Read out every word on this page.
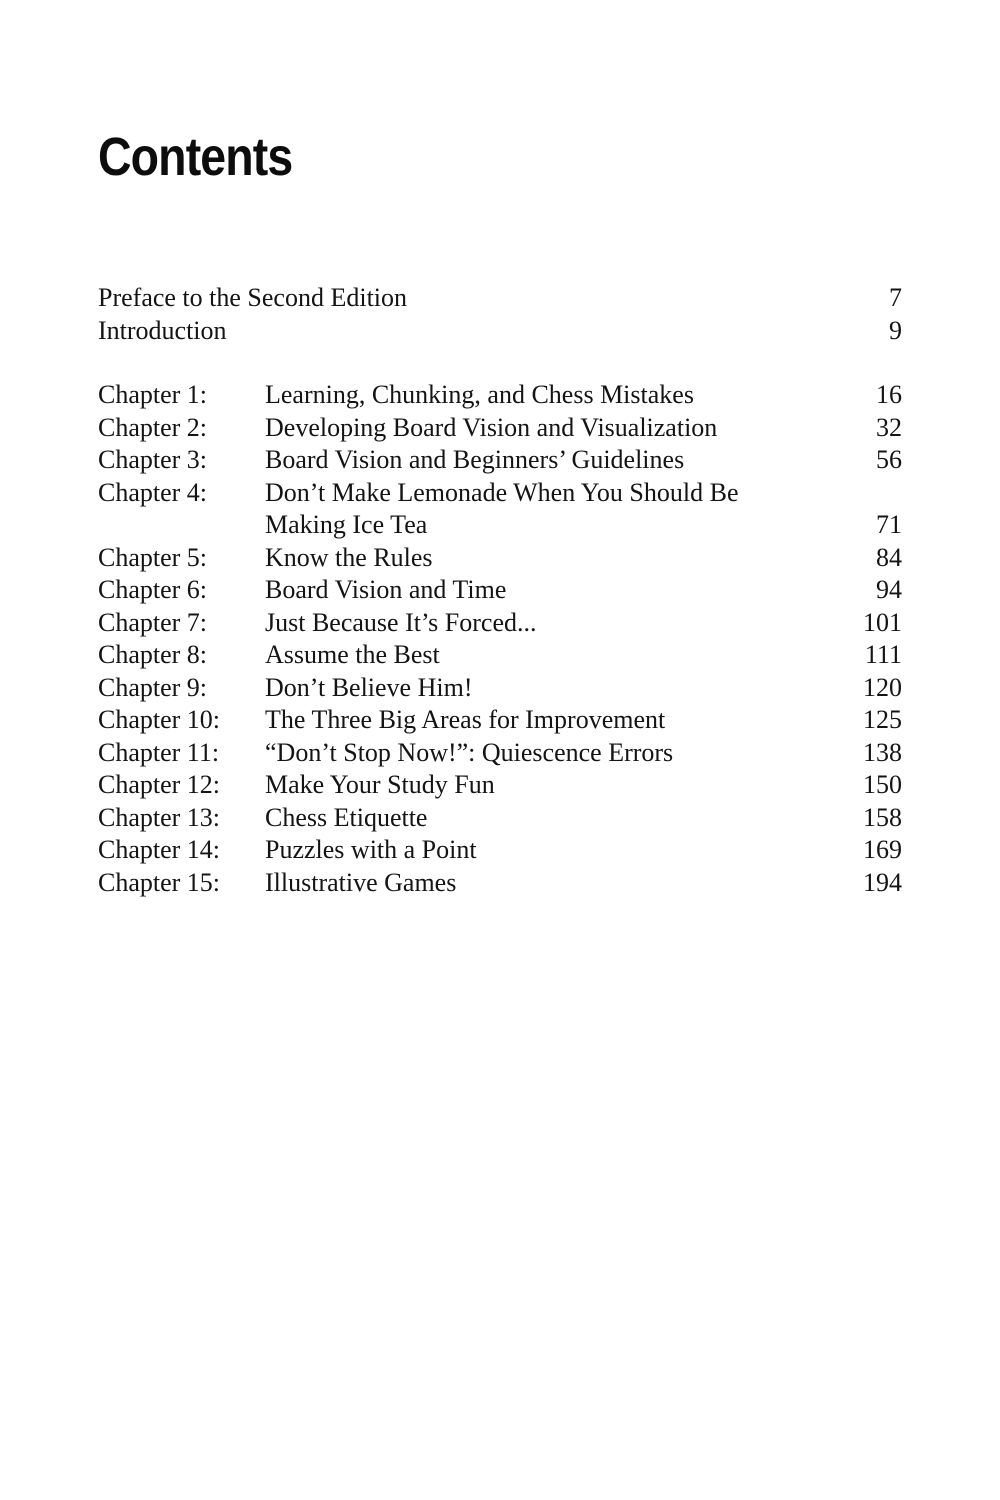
Contents
Preface to the Second Edition	7
Introduction	9
Chapter 1: Learning, Chunking, and Chess Mistakes	16
Chapter 2: Developing Board Vision and Visualization	32
Chapter 3: Board Vision and Beginners’ Guidelines	56
Chapter 4: Don’t Make Lemonade When You Should Be
Making Ice Tea	71
Chapter 5: Know the Rules	84
Chapter 6: Board Vision and Time	94
Chapter 7: Just Because It’s Forced...	101
Chapter 8: Assume the Best	111
Chapter 9: Don’t Believe Him!	120
Chapter 10: The Three Big Areas for Improvement	125
Chapter 11: “Don’t Stop Now!”: Quiescence Errors	138
Chapter 12: Make Your Study Fun	150
Chapter 13: Chess Etiquette	158
Chapter 14: Puzzles with a Point	169
Chapter 15: Illustrative Games	194
